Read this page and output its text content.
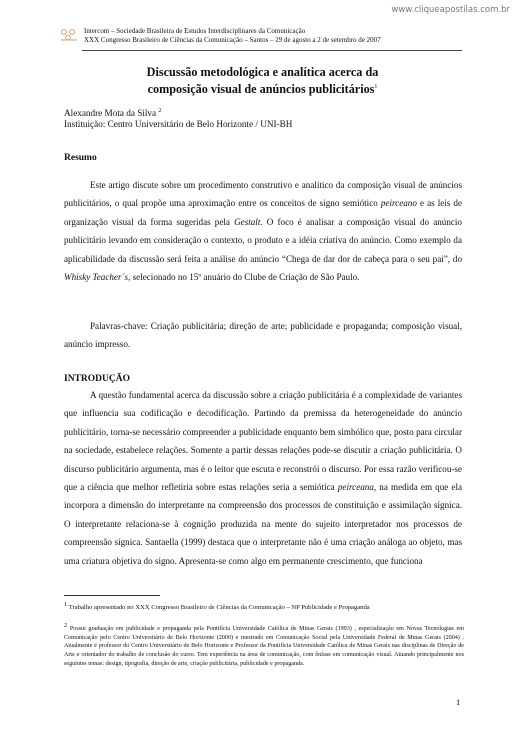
www.cliqueapostilas.com.br
Intercom – Sociedade Brasileira de Estudos Interdisciplinares da Comunicação
XXX Congresso Brasileiro de Ciências da Comunicação – Santos – 29 de agosto a 2 de setembro de 2007
Discussão metodológica e analítica acerca da
composição visual de anúncios publicitários$^1$
Alexandre Mota da Silva $^2$
Instituição: Centro Universitário de Belo Horizonte / UNI-BH
Resumo

Este artigo discute sobre um procedimento construtivo e analítico da composição visual de anúncios publicitários, o qual propõe uma aproximação entre os conceitos de signo semiótico peirceano e as leis de organização visual da forma sugeridas pela Gestalt. O foco é analisar a composição visual do anúncio publicitário levando em consideração o contexto, o produto e a idéia criativa do anúncio. Como exemplo da aplicabilidade da discussão será feita a análise do anúncio “Chega de dar dor de cabeça para o seu pai”, do Whisky Teacher´s, selecionado no 15º anuário do Clube de Criação de São Paulo.

Palavras-chave: Criação publicitária; direção de arte; publicidade e propaganda; composição visual, anúncio impresso.

INTRODUÇÃO

A questão fundamental acerca da discussão sobre a criação publicitária é a complexidade de variantes que influencia sua codificação e decodificação. Partindo da premissa da heterogeneidade do anúncio publicitário, torna-se necessário compreender a publicidade enquanto bem simbólico que, posto para circular na sociedade, estabelece relações. Somente a partir dessas relações pode-se discutir a criação publicitária. O discurso publicitário argumenta, mas é o leitor que escuta e reconstrói o discurso. Por essa razão verificou-se que a ciência que melhor refletiria sobre estas relações seria a semiótica peirceana, na medida em que ela incorpora a dimensão do interpretante na compreensão dos processos de constituição e assimilação sígnica. O interpretante relaciona-se à cognição produzida na mente do sujeito interpretador nos processos de compreensão sígnica. Santaella (1999) destaca que o interpretante não é uma criação análoga ao objeto, mas uma criatura objetiva do signo. Apresenta-se como algo em permanente crescimento, que funciona

$^1$ Trabalho apresentado no XXX Congresso Brasileiro de Ciências da Comunicação – NP Publicidade e Propaganda
$^2$ Possui graduação em publicidade e propaganda pela Pontifícia Universidade Católica de Minas Gerais (1993) , especialização em Novas Tecnologias em Comunicação pelo Centro Universitário de Belo Horizonte (2000) e mestrado em Comunicação Social pela Universidade Federal de Minas Gerais (2004) . Atualmente é professor do Centro Universitário de Belo Horizonte e Professor da Pontifícia Universidade Católica de Minas Gerais nas disciplinas de Direção de Arte e orientador do trabalho de conclusão do curso. Tem experiência na área de comunicação, com ênfase em comunicação visual. Atuando principalmente nos seguintes temas: design, tipografia, direção de arte, criação publicitária, publicidade e propaganda.
1
